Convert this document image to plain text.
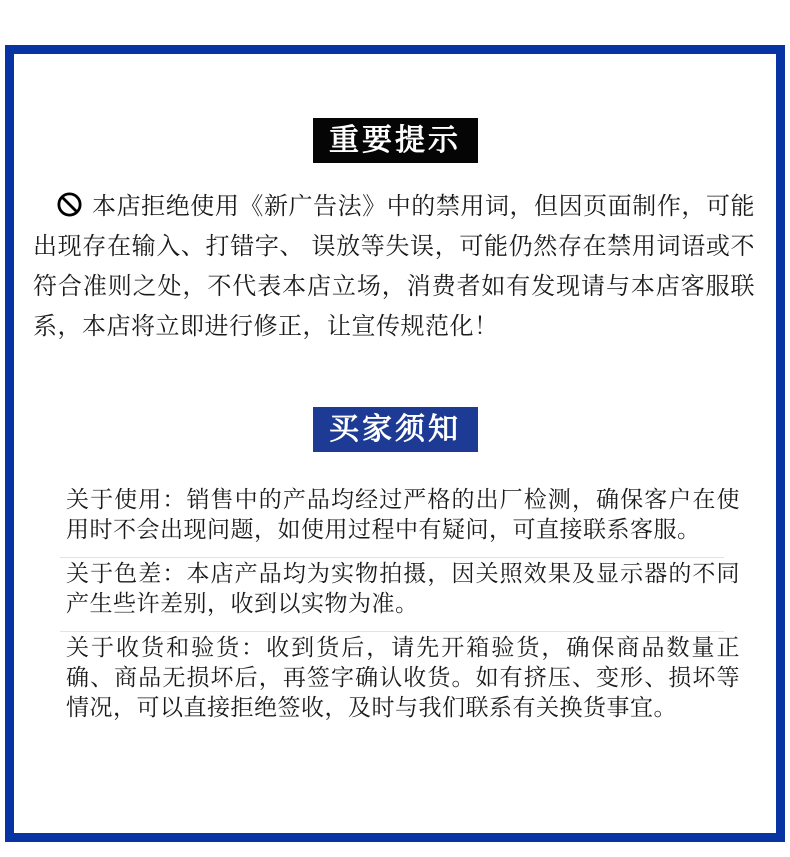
重要提示

本店拒绝使用《新广告法》中的禁用词，但因页面制作，可能出现存在输入、打错字、 误放等失误，可能仍然存在禁用词语或不符合准则之处，不代表本店立场，消费者如有发现请与本店客服联系，本店将立即进行修正，让宣传规范化！

买家须知
关于使用：销售中的产品均经过严格的出厂检测，确保客户在使用时不会出现问题，如使用过程中有疑问，可直接联系客服。
关于色差：本店产品均为实物拍摄，因关照效果及显示器的不同产生些许差别，收到以实物为准。
关于收货和验货：收到货后，请先开箱验货，确保商品数量正确、商品无损坏后，再签字确认收货。如有挤压、变形、损坏等情况，可以直接拒绝签收，及时与我们联系有关换货事宜。
